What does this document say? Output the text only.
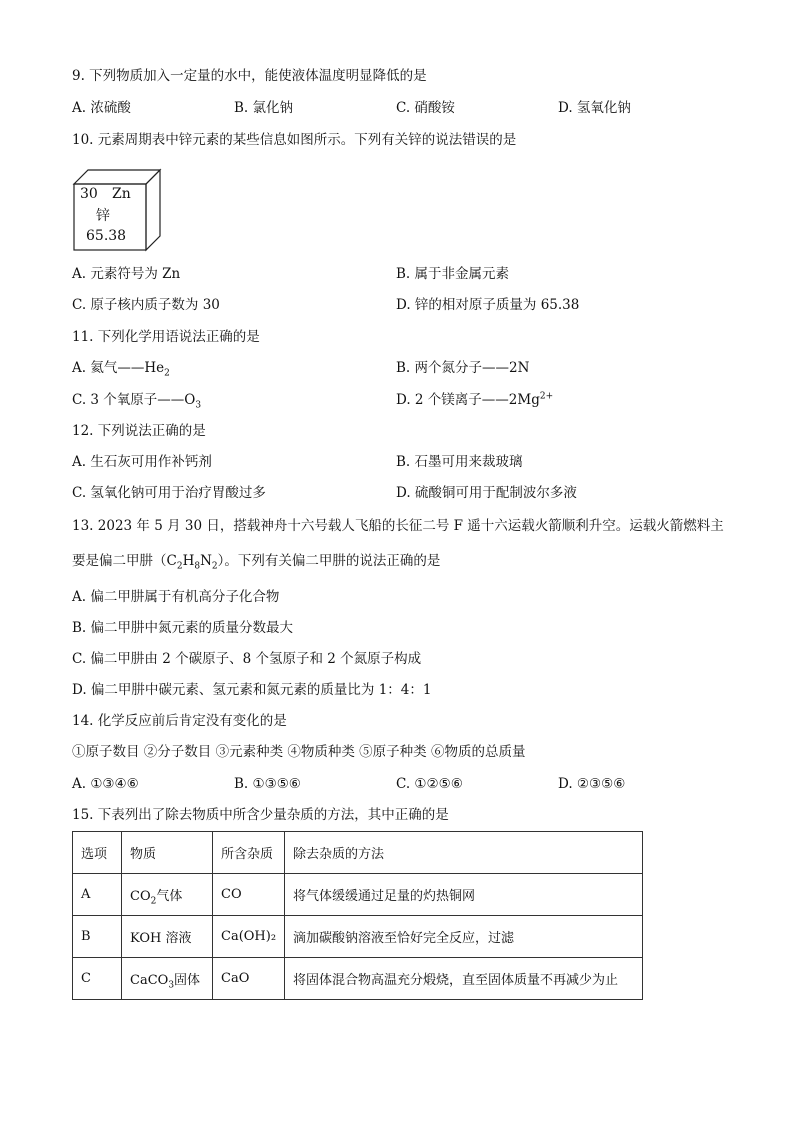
9. 下列物质加入一定量的水中，能使液体温度明显降低的是
A. 浓硫酸	B. 氯化钠	C. 硝酸铵	D. 氢氧化钠
10. 元素周期表中锌元素的某些信息如图所示。下列有关锌的说法错误的是
30 Zn
锌
65.38
A. 元素符号为 Zn	B. 属于非金属元素
C. 原子核内质子数为 30	D. 锌的相对原子质量为 65.38
11. 下列化学用语说法正确的是
A. 氦气$——He_2$	B. 两个氮分子——2N
C. 3 个氧原子$——O_3$	D. 2 个镁离子$——2Mg^{2+}$
12. 下列说法正确的是
A. 生石灰可用作补钙剂	B. 石墨可用来裁玻璃
C. 氢氧化钠可用于治疗胃酸过多	D. 硫酸铜可用于配制波尔多液
13. 2023 年 5 月 30 日，搭载神舟十六号载人飞船的长征二号 F 遥十六运载火箭顺利升空。运载火箭燃料主
要是偏二甲肼$(C_2H_8N_2)$。下列有关偏二甲肼的说法正确的是
A. 偏二甲肼属于有机高分子化合物
B. 偏二甲肼中氮元素的质量分数最大
C. 偏二甲肼由 2 个碳原子、8 个氢原子和 2 个氮原子构成
D. 偏二甲肼中碳元素、氢元素和氮元素的质量比为 1：4：1
14. 化学反应前后肯定没有变化的是
①原子数目 ②分子数目 ③元素种类 ④物质种类 ⑤原子种类 ⑥物质的总质量
A. ①③④⑥	B. ①③⑤⑥	C. ①②⑤⑥	D. ②③⑤⑥
15. 下表列出了除去物质中所含少量杂质的方法，其中正确的是
选项	物质	所含杂质	除去杂质的方法
A	$CO_2$气体	CO	将气体缓缓通过足量的灼热铜网
B	KOH 溶液	Ca(OH)₂	滴加碳酸钠溶液至恰好完全反应，过滤
C	CaCO$_3$固体	CaO	将固体混合物高温充分煅烧，直至固体质量不再减少为止
